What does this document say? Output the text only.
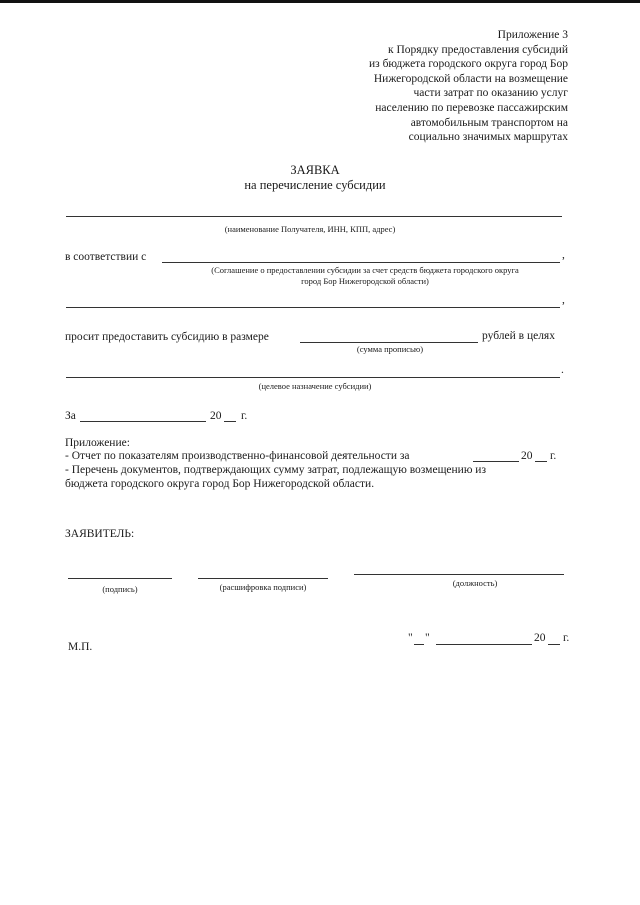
Приложение 3
к Порядку предоставления субсидий
из бюджета городского округа город Бор
Нижегородской области на возмещение
части затрат по оказанию услуг
населению по перевозке пассажирским
автомобильным транспортом на
социально значимых маршрутах
ЗАЯВКА
на перечисление субсидии
(наименование Получателя, ИНН, КПП, адрес)
в соответствии с	,
(Соглашение о предоставлении субсидии за счет средств бюджета городского округа
город Бор Нижегородской области)
,
просит предоставить субсидию в размере	рублей в целях
(сумма прописью)
.
(целевое назначение субсидии)
За	20 г.
Приложение:
- Отчет по показателям производственно-финансовой деятельности за	20 г.
- Перечень документов, подтверждающих сумму затрат, подлежащую возмещению из
бюджета городского округа город Бор Нижегородской области.
ЗАЯВИТЕЛЬ:
(подпись)	(расшифровка подписи)	(должность)
М.П.
" "	20 г.
